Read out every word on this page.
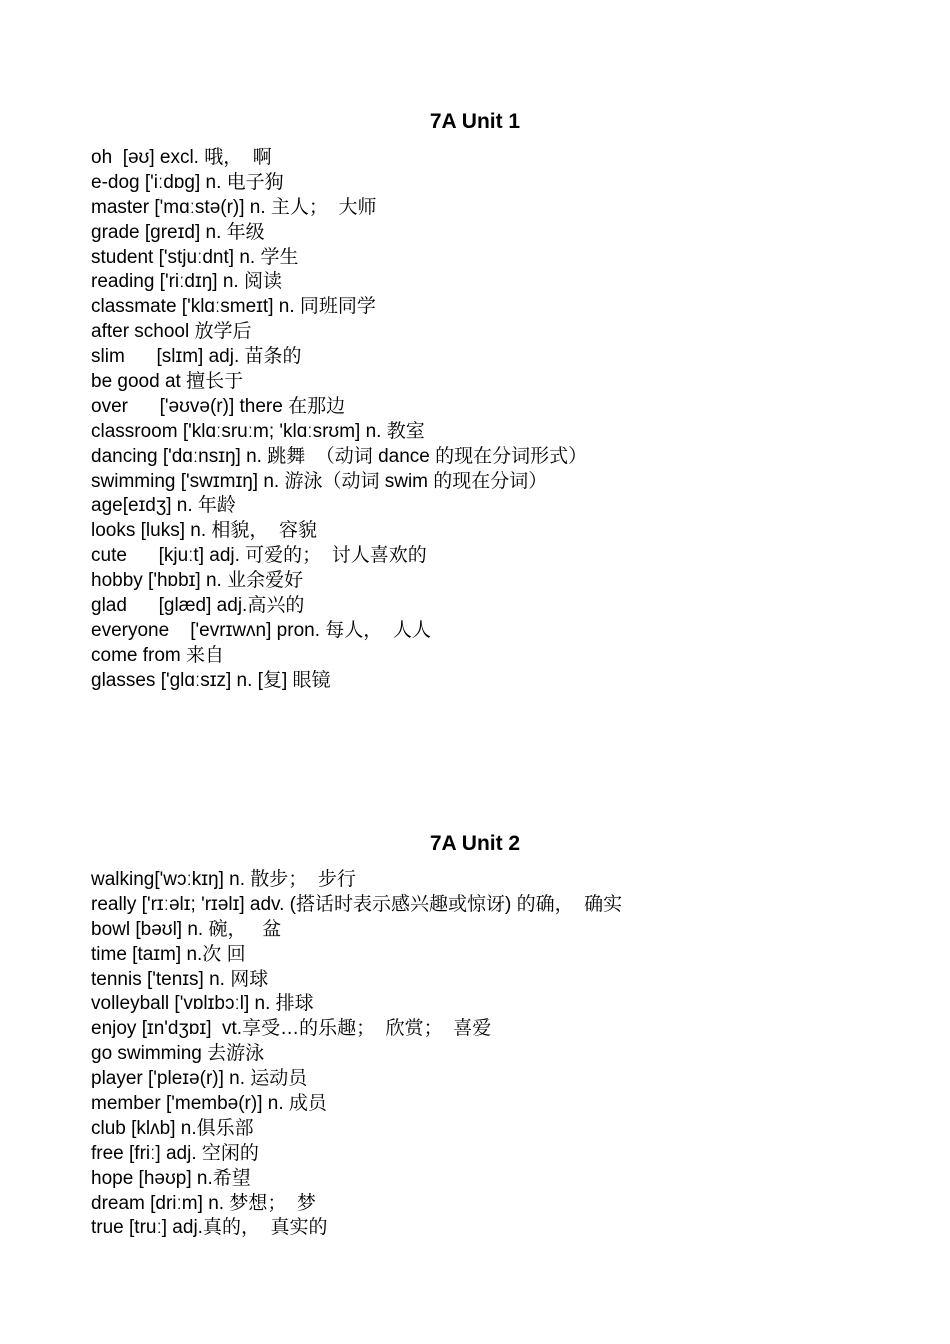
7A Unit 1
oh  [əʊ] excl. 哦，  啊
e-dog ['iːdɒg] n. 电子狗
master ['mɑːstə(r)] n. 主人；  大师
grade [greɪd] n. 年级
student ['stjuːdnt] n. 学生
reading ['riːdɪŋ] n. 阅读
classmate ['klɑːsmeɪt] n. 同班同学
after school 放学后
slim      [slɪm] adj. 苗条的
be good at 擅长于
over      ['əʊvə(r)] there 在那边
classroom ['klɑːsruːm; 'klɑːsrʊm] n. 教室
dancing ['dɑːnsɪŋ] n. 跳舞  （动词 dance 的现在分词形式）
swimming ['swɪmɪŋ] n. 游泳（动词 swim 的现在分词）
age[eɪdʒ] n. 年龄
looks [luks] n. 相貌，  容貌
cute      [kjuːt] adj. 可爱的；  讨人喜欢的
hobby ['hɒbɪ] n. 业余爱好
glad      [glæd] adj.高兴的
everyone    ['evrɪwʌn] pron. 每人，  人人
come from 来自
glasses ['glɑːsɪz] n. [复] 眼镜
7A Unit 2
walking['wɔːkɪŋ] n. 散步；  步行
really ['rɪːəlɪ; 'rɪəlɪ] adv. (搭话时表示感兴趣或惊讶) 的确，  确实
bowl [bəʊl] n. 碗，   盆
time [taɪm] n.次 回
tennis ['tenɪs] n. 网球
volleyball ['vɒlɪbɔːl] n. 排球
enjoy [ɪn'dʒɒɪ]  vt.享受…的乐趣；  欣赏；  喜爱
go swimming 去游泳
player ['pleɪə(r)] n. 运动员
member ['membə(r)] n. 成员
club [klʌb] n.俱乐部
free [friː] adj. 空闲的
hope [həʊp] n.希望
dream [driːm] n. 梦想；  梦
true [truː] adj.真的，  真实的
